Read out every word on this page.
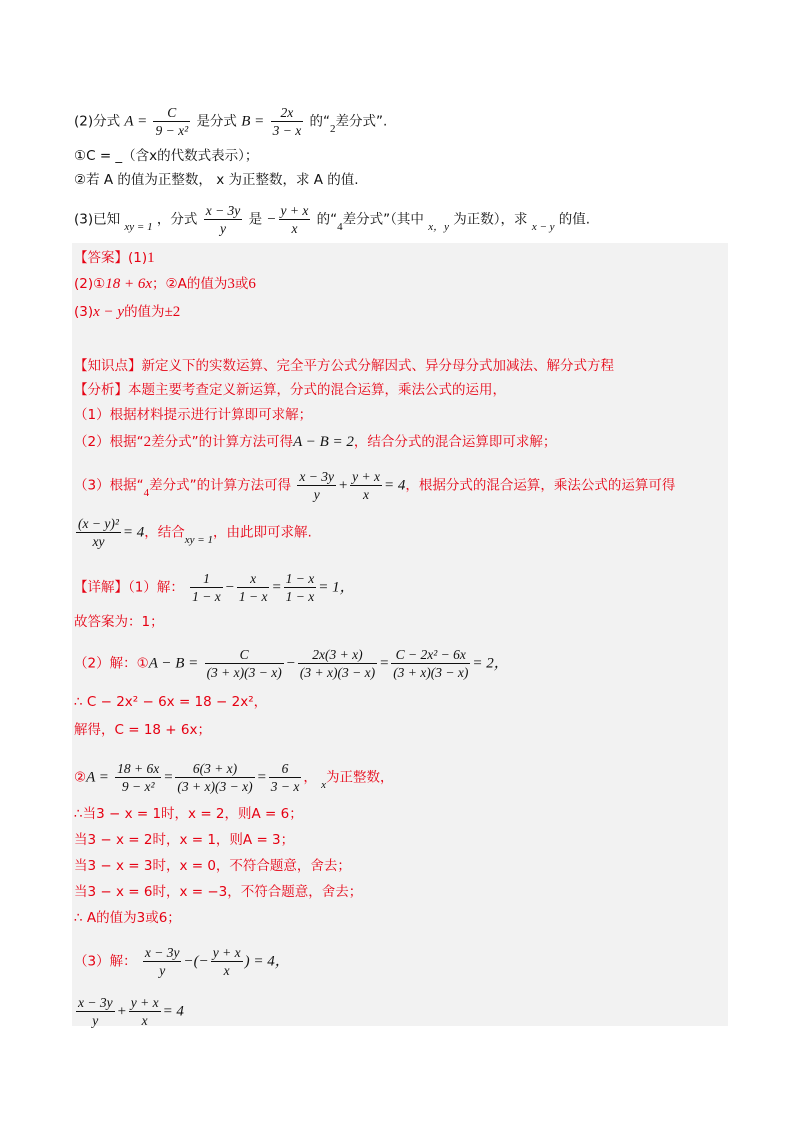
(2)分式 $A = \frac{C}{\text{9 − x²}}$ 是分式 $B = \frac{2x}{3 - x}$ 的“$_2$差分式”.
①C = _（含x的代数式表示）；
②若 A 的值为正整数， x 为正整数，求 A 的值.
(3)已知 $_{xy = 1}$ ，分式 $\frac{x - 3y}{y}$ 是 − $\frac{y + x}{x}$ 的“$_4$差分式”（其中 $_{x,y}$ 为正数），求 $_{x - y}$ 的值.
【答案】(1)1
(2)①18 + 6x；②A的值为3或6
(3)x − y的值为±2
【知识点】新定义下的实数运算、完全平方公式分解因式、异分母分式加减法、解分式方程
【分析】本题主要考查定义新运算，分式的混合运算，乘法公式的运用，
（1）根据材料提示进行计算即可求解；
（2）根据“2差分式”的计算方法可得A − B = 2，结合分式的混合运算即可求解；
（3）根据“$_4$差分式”的计算方法可得 $\frac{x - 3y}{y} + \frac{y + x}{x} = 4$，根据分式的混合运算，乘法公式的运算可得
$\frac{\text{(x − y)²}}{xy} = 4$，结合$_{xy = 1}$，由此即可求解.
【详解】（1）解： $\frac{1}{1 - x} - \frac{x}{1 - x} = \frac{1 - x}{1 - x} = 1$，
故答案为：1；
（2）解：①A − $B = \frac{C}{(3 + x)(3 - x)} - \frac{2x(3 + x)}{(3 + x)(3 - x)} = \frac{\text{C − 2x² − 6x}}{(3 + x)(3 - x)} = 2$，
∴ C − 2x² − 6x = 18 − 2x²，
解得，C = 18 + 6x；
②A = $\frac{18 + 6x}{\text{9 − x²}} = \frac{6(3 + x)}{(3 + x)(3 - x)} = \frac{6}{3 - x}$ ， $_x$为正整数，
∴当3 − x = 1时，x = 2，则A = 6；
当3 − x = 2时，x = 1，则A = 3；
当3 − x = 3时，x = 0，不符合题意，舍去；
当3 − x = 6时，x = −3，不符合题意，舍去；
∴ A的值为3或6；
（3）解： $\frac{x - 3y}{y}$ −(− $\frac{y + x}{x}$ ) = 4，
$\frac{x - 3y}{y} + \frac{y + x}{x} = 4$
